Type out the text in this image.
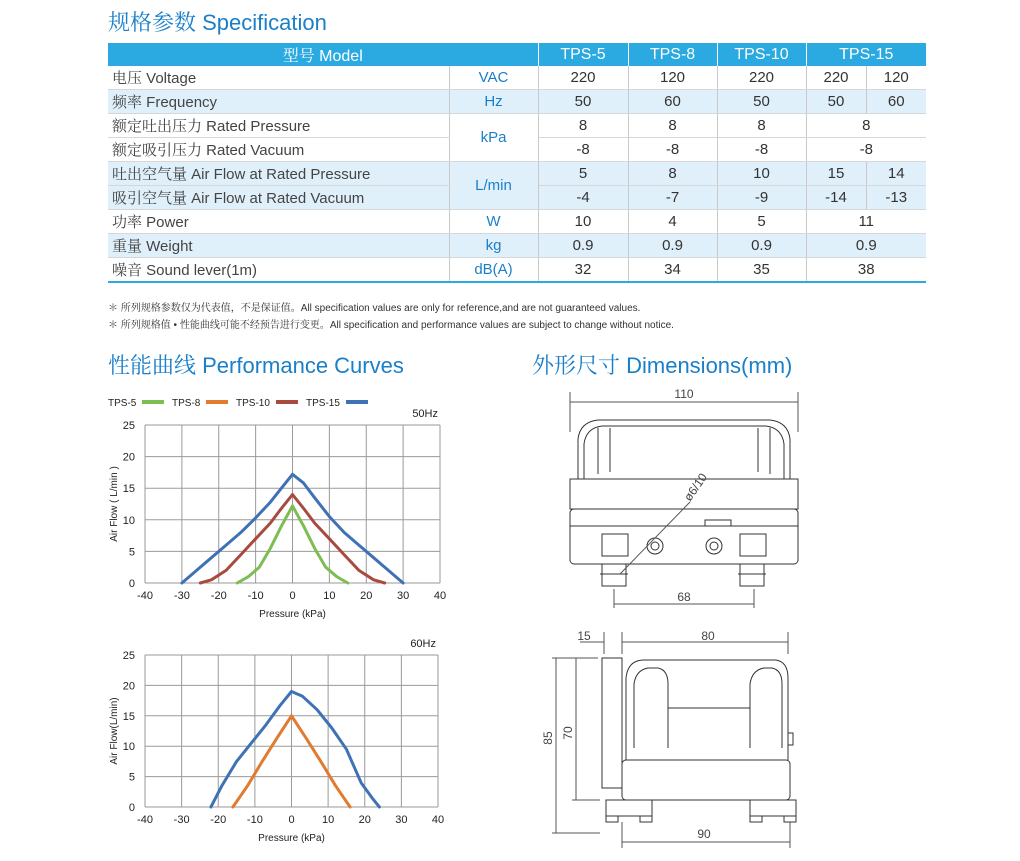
规格参数 Specification
型号 Model		TPS-5	TPS-8	TPS-10	TPS-15	
电压 Voltage	VAC	220	120	220	220	120
频率 Frequency	Hz	50	60	50	50	60
额定吐出压力 Rated Pressure	kPa	8	8	8	8	
额定吸引压力 Rated Vacuum		-8	-8	-8	-8	
吐出空气量 Air Flow at Rated Pressure	L/min	5	8	10	15	14
吸引空气量 Air Flow at Rated Vacuum		-4	-7	-9	-14	-13
功率 Power	W	10	4	5	11	
重量 Weight	kg	0.9	0.9	0.9	0.9	
噪音 Sound lever(1m)	dB(A)	32	34	35	38	
＊ 所列规格参数仅为代表值，不是保证值。All specification values are only for reference,and are not guaranteed values.
＊ 所列规格值 • 性能曲线可能不经预告进行变更。All specification and performance values are subject to change without notice.
性能曲线 Performance Curves	外形尺寸 Dimensions(mm)
-40 -30 -20 -10 0	10 20 30 40
0
5
10
15
20
25
50Hz
Pressure (kPa)
Air Flow ( L/min )
TPS-5	TPS-8	TPS-10	TPS-15
-40 -30 -20 -10 0 10 20 30 40
0
5
10
15
20
25
60Hz
Pressure (kPa)
Air Flow(L/min)
110
ø6/10
68
15	80
85 70
90
